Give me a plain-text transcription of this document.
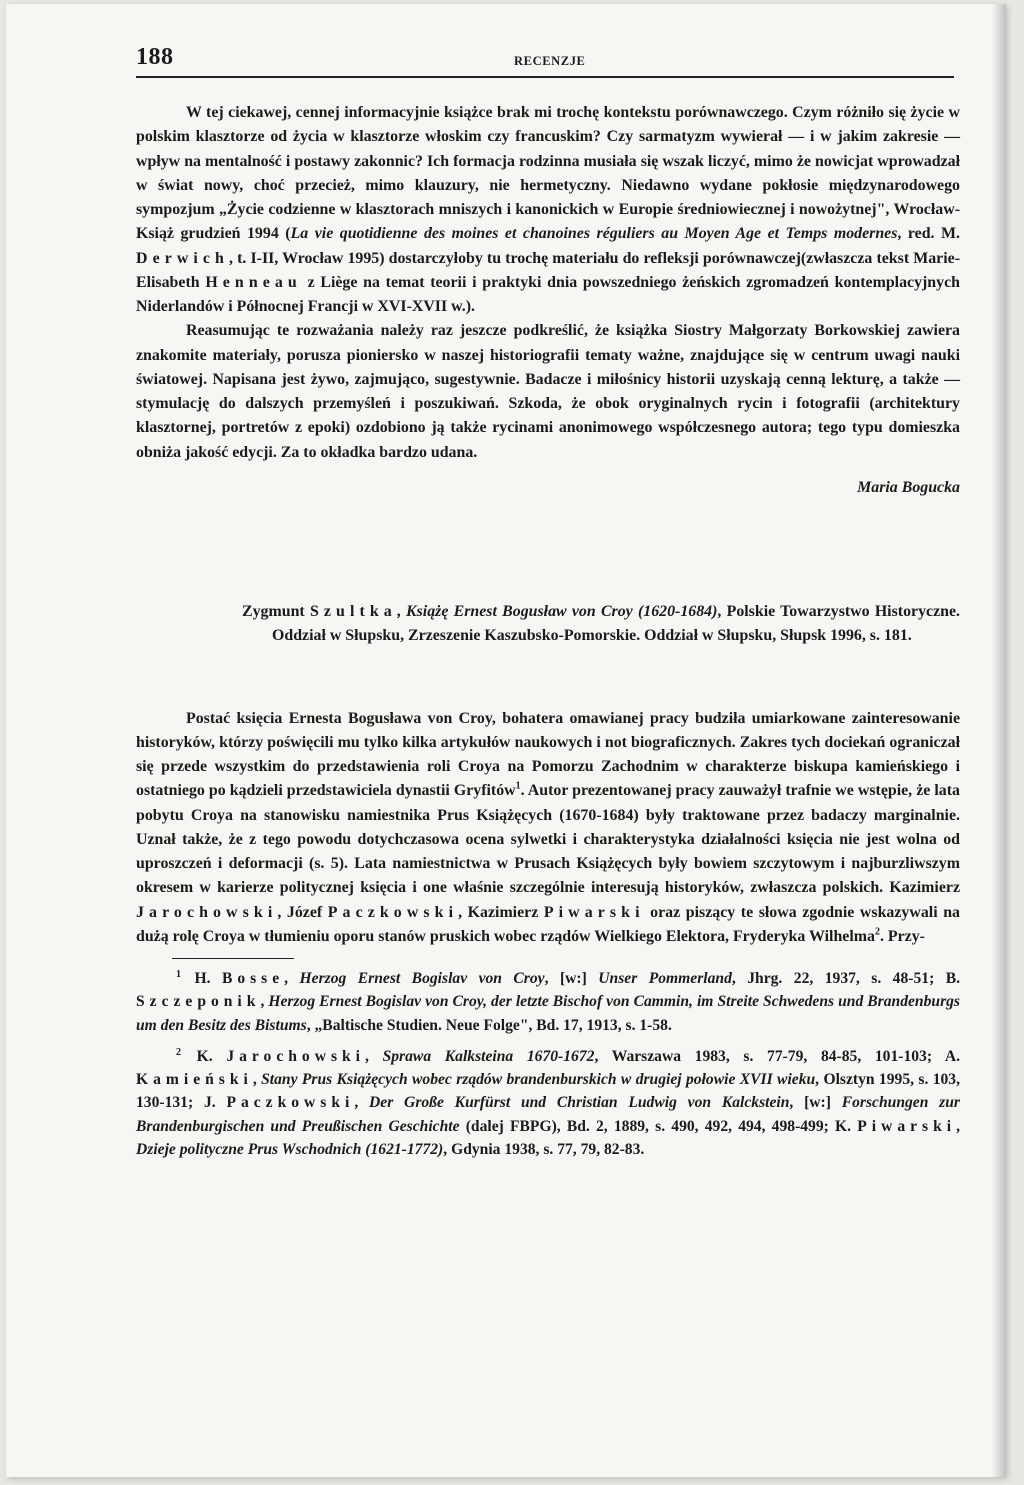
188	RECENZJE

W tej ciekawej, cennej informacyjnie książce brak mi trochę kontekstu porównawczego. Czym różniło się życie w polskim klasztorze od życia w klasztorze włoskim czy francuskim? Czy sarmatyzm wywierał — i w jakim zakresie — wpływ na mentalność i postawy zakonnic? Ich formacja rodzinna musiała się wszak liczyć, mimo że nowicjat wprowadzał w świat nowy, choć przecież, mimo klauzury, nie hermetyczny. Niedawno wydane pokłosie międzynarodowego sympozjum „Życie codzienne w klasztorach mniszych i kanonickich w Europie średniowiecznej i nowożytnej", Wrocław-Książ grudzień 1994 (La vie quotidienne des moines et chanoines réguliers au Moyen Age et Temps modernes, red. M. Derwich, t. I-II, Wrocław 1995) dostarczyłoby tu trochę materiału do refleksji porównawczej(zwłaszcza tekst Marie-Elisabeth Henneau z Liège na temat teorii i praktyki dnia powszedniego żeńskich zgromadzeń kontemplacyjnych Niderlandów i Północnej Francji w XVI-XVII w.).

Reasumując te rozważania należy raz jeszcze podkreślić, że książka Siostry Małgorzaty Borkowskiej zawiera znakomite materiały, porusza pioniersko w naszej historiografii tematy ważne, znajdujące się w centrum uwagi nauki światowej. Napisana jest żywo, zajmująco, sugestywnie. Badacze i miłośnicy historii uzyskają cenną lekturę, a także — stymulację do dalszych przemyśleń i poszukiwań. Szkoda, że obok oryginalnych rycin i fotografii (architektury klasztornej, portretów z epoki) ozdobiono ją także rycinami anonimowego współczesnego autora; tego typu domieszka obniża jakość edycji. Za to okładka bardzo udana.

Maria Bogucka

Zygmunt Szultka, Książę Ernest Bogusław von Croy (1620-1684), Polskie Towarzystwo Historyczne. Oddział w Słupsku, Zrzeszenie Kaszubsko-Pomorskie. Oddział w Słupsku, Słupsk 1996, s. 181.

Postać księcia Ernesta Bogusława von Croy, bohatera omawianej pracy budziła umiarkowane zainteresowanie historyków, którzy poświęcili mu tylko kilka artykułów naukowych i not biograficznych. Zakres tych dociekań ograniczał się przede wszystkim do przedstawienia roli Croya na Pomorzu Zachodnim w charakterze biskupa kamieńskiego i ostatniego po kądzieli przedstawiciela dynastii Gryfitów$^1$. Autor prezentowanej pracy zauważył trafnie we wstępie, że lata pobytu Croya na stanowisku namiestnika Prus Książęcych (1670-1684) były traktowane przez badaczy marginalnie. Uznał także, że z tego powodu dotychczasowa ocena sylwetki i charakterystyka działalności księcia nie jest wolna od uproszczeń i deformacji (s. 5). Lata namiestnictwa w Prusach Książęcych były bowiem szczytowym i najburzliwszym okresem w karierze politycznej księcia i one właśnie szczególnie interesują historyków, zwłaszcza polskich. Kazimierz Jarochowski, Józef Paczkowski, Kazimierz Piwarski oraz piszący te słowa zgodnie wskazywali na dużą rolę Croya w tłumieniu oporu stanów pruskich wobec rządów Wielkiego Elektora, Fryderyka Wilhelma$^2$. Przy-

$^1$ H. Bosse, Herzog Ernest Bogislav von Croy, [w:] Unser Pommerland, Jhrg. 22, 1937, s. 48-51; B. Szczeponik, Herzog Ernest Bogislav von Croy, der letzte Bischof von Cammin, im Streite Schwedens und Brandenburgs um den Besitz des Bistums, „Baltische Studien. Neue Folge", Bd. 17, 1913, s. 1-58.

$^2$ K. Jarochowski, Sprawa Kalksteina 1670-1672, Warszawa 1983, s. 77-79, 84-85, 101-103; A. Kamieński, Stany Prus Książęcych wobec rządów brandenburskich w drugiej połowie XVII wieku, Olsztyn 1995, s. 103, 130-131; J. Paczkowski, Der Große Kurfürst und Christian Ludwig von Kalckstein, [w:] Forschungen zur Brandenburgischen und Preußischen Geschichte (dalej FBPG), Bd. 2, 1889, s. 490, 492, 494, 498-499; K. Piwarski, Dzieje polityczne Prus Wschodnich (1621-1772), Gdynia 1938, s. 77, 79, 82-83.
